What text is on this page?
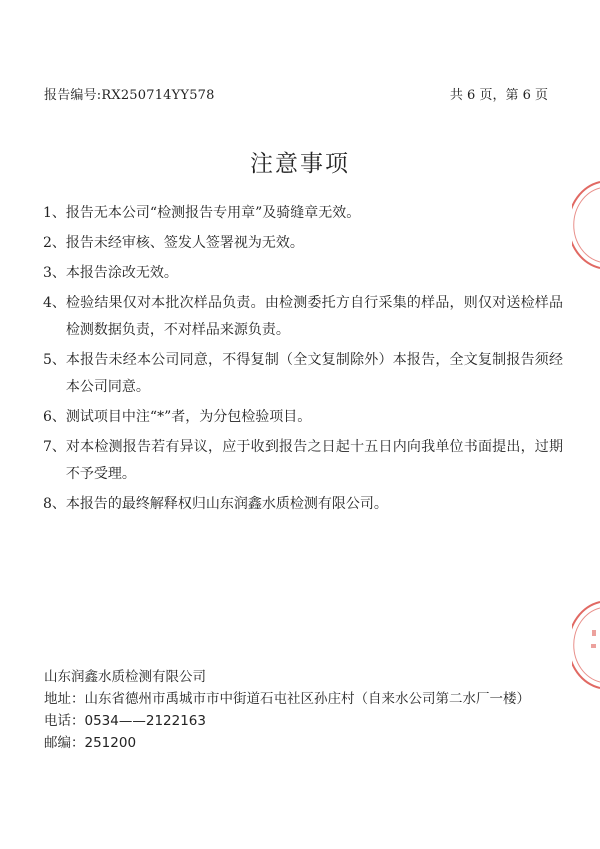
报告编号:RX250714YY578	共 6 页，第 6 页
注意事项
1、 报告无本公司“检测报告专用章”及骑缝章无效。
2、 报告未经审核、签发人签署视为无效。
3、 本报告涂改无效。
4、 检验结果仅对本批次样品负责。由检测委托方自行采集的样品，则仅对送检样品检测数据负责，不对样品来源负责。
5、 本报告未经本公司同意，不得复制（全文复制除外）本报告，全文复制报告须经本公司同意。
6、 测试项目中注“*”者，为分包检验项目。
7、 对本检测报告若有异议，应于收到报告之日起十五日内向我单位书面提出，过期不予受理。
8、 本报告的最终解释权归山东润鑫水质检测有限公司。
山东润鑫水质检测有限公司
地址： 山东省德州市禹城市市中街道石屯社区孙庄村（自来水公司第二水厂一楼）
电话： 0534——2122163
邮编： 251200
